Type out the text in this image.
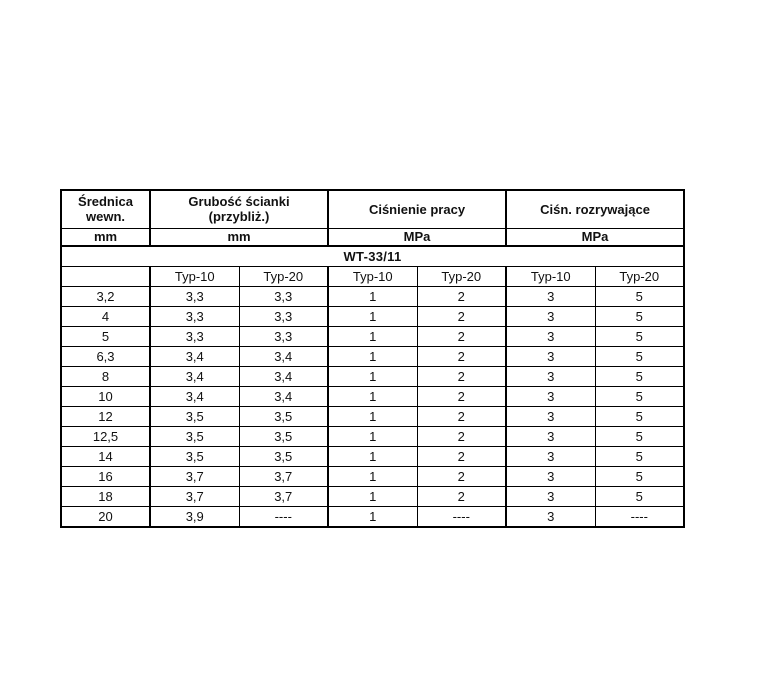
Średnica
wewn.	Grubość ścianki
(przybliż.)		Ciśnienie pracy		Ciśn. rozrywające	
mm	mm		MPa		MPa	
WT-33/11						
	Typ-10	Typ-20	Typ-10	Typ-20	Typ-10	Typ-20
3,2	3,3	3,3	1	2	3	5
4	3,3	3,3	1	2	3	5
5	3,3	3,3	1	2	3	5
6,3	3,4	3,4	1	2	3	5
8	3,4	3,4	1	2	3	5
10	3,4	3,4	1	2	3	5
12	3,5	3,5	1	2	3	5
12,5	3,5	3,5	1	2	3	5
14	3,5	3,5	1	2	3	5
16	3,7	3,7	1	2	3	5
18	3,7	3,7	1	2	3	5
20	3,9	----	1	----	3	----
